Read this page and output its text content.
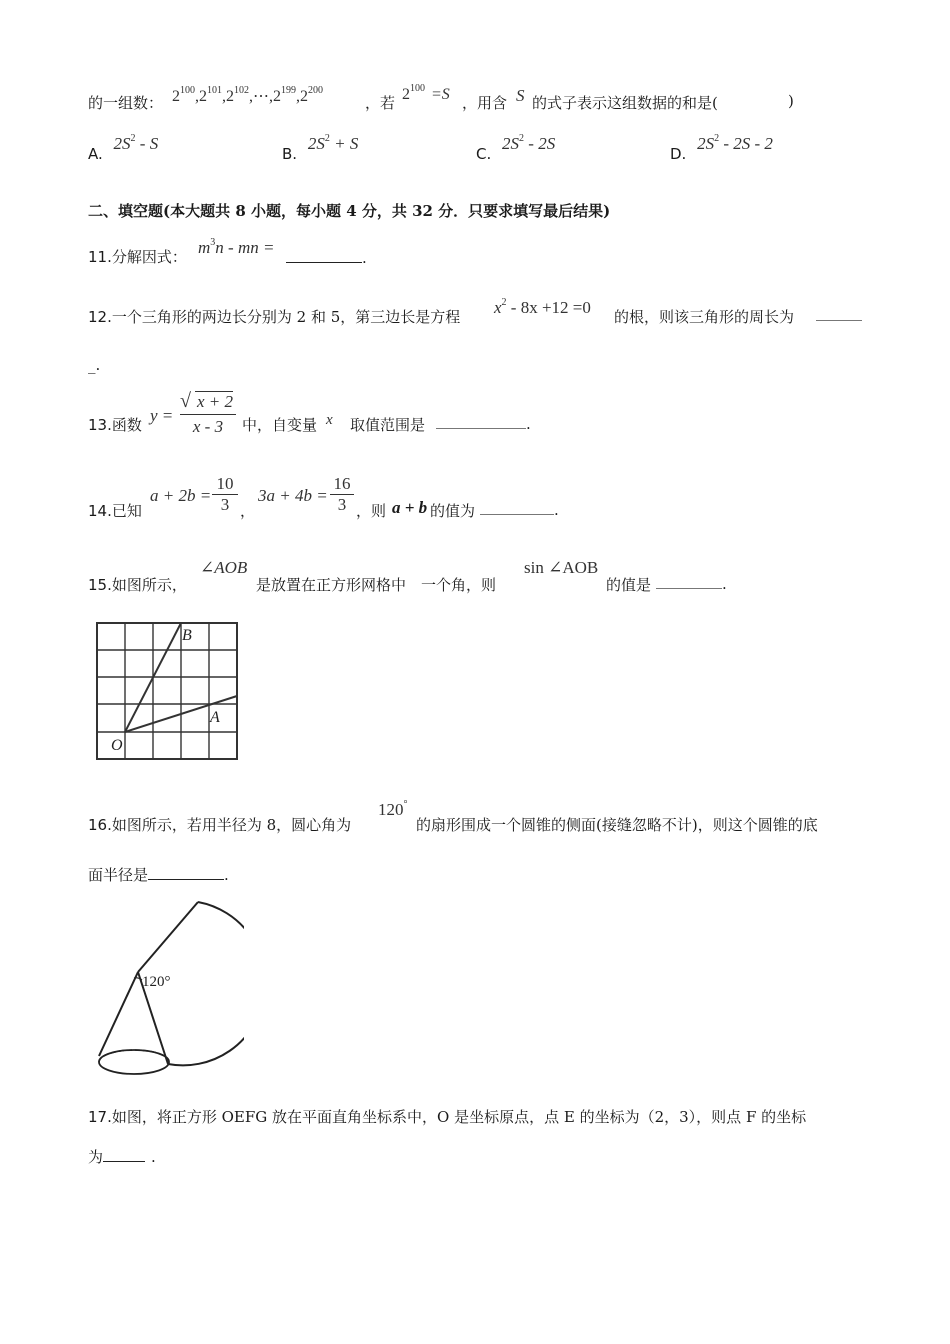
的一组数： $2^{100},2^{101},2^{102},\cdots,2^{199},2^{200}$
，若 $2^{100} =S$ ，用含 S 的式子表示这组数据的和是(	)
A. $2S^2$ - S
B. $2S^2 + S$
C. $2S^2 - 2S$
D. $2S^2 - 2S - 2$
二、填空题(本大题共 8 小题，每小题 4 分，共 32 分．只要求填写最后结果)
11.分解因式： $m^3n$ - mn =
.
12.一个三角形的两边长分别为 2 和 5，第三边长是方程 $x^2 - 8x +12 =0$ 的根，则该三角形的周长为
_.
13.函数 y =
√ x + 2
x - 3	中，自变量 x 取值范围是	.
14.已知
a + 2b =
10
3 ，
3a + 4b =
16
3 ，则 a + b 的值为	.
15.如图所示，
∠AOB
是放置在正方形网格中　一个角，则
sin ∠AOB
的值是	.
B
A
O
16.如图所示，若用半径为 8，圆心角为
120°
的扇形围成一个圆锥的侧面(接缝忽略不计)，则这个圆锥的底
面半径是	.
120°
17.如图，将正方形 OEFG 放在平面直角坐标系中，O 是坐标原点，点 E 的坐标为（2，3），则点 F 的坐标
为	.
